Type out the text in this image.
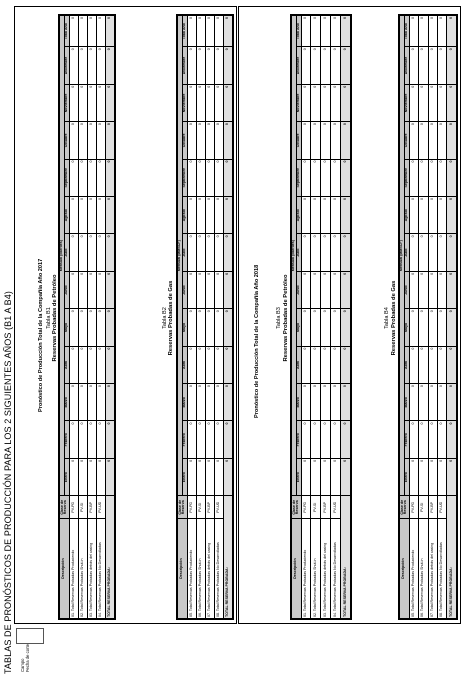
TABLAS DE PRONÓSTICOS DE PRODUCCIÓN PARA LOS 2 SIGUIENTES AÑOS (B1 A B4) Campo Fecha de corte
Pronóstico de Producción Total de la Compañía Año 2017	Pronóstico de Producción Total de la Compañía Año 2018
Tabla B1 Reservas Probadas de Petróleo
Descripción	Clase de Reserva	Mensual (Barriles)												
		Enero	Febrero	Marzo	Abril	Mayo	Junio	Julio	Agosto	Septiembre	Octubre	Noviembre	Diciembre	Total Año
01. Total Reservas Probadas Produciendo	PV-PD	0	0	0	0	0	0	0	0	0	0	0	0	0
02. Total Reservas Probadas Shut-in	PV-SI	0	0	0	0	0	0	0	0	0	0	0	0	0
03. Total Reservas Probadas detrás del casing	PV-BP	0	0	0	0	0	0	0	0	0	0	0	0	0
04. Total Reservas Probadas No Desarrolladas	PV-UD	0	0	0	0	0	0	0	0	0	0	0	0	0
TOTAL RESERVA PROBADA:		0	0	0	0	0	0	0	0	0	0	0	0	0
Tabla B2 Reservas Probadas de Gas
Descripción	Clase de Reserva	Mensual (MMSCF)												
		Enero	Febrero	Marzo	Abril	Mayo	Junio	Julio	Agosto	Septiembre	Octubre	Noviembre	Diciembre	Total Año
05. Total Reservas Probadas Produciendo	PV-PD	0	0	0	0	0	0	0	0	0	0	0	0	0
06. Total Reservas Probadas Shut-in	PV-SI	0	0	0	0	0	0	0	0	0	0	0	0	0
07. Total Reservas Probadas detrás del casing	PV-BP	0	0	0	0	0	0	0	0	0	0	0	0	0
08. Total Reservas Probadas No Desarrolladas	PV-UD	0	0	0	0	0	0	0	0	0	0	0	0	0
TOTAL RESERVA PROBADA:		0	0	0	0	0	0	0	0	0	0	0	0	0
Tabla B3 Reservas Probadas de Petróleo
Descripción	Clase de Reserva	Mensual (Barriles)												
		Enero	Febrero	Marzo	Abril	Mayo	Junio	Julio	Agosto	Septiembre	Octubre	Noviembre	Diciembre	Total Año
01. Total Reservas Probadas Produciendo	PV-PD	0	0	0	0	0	0	0	0	0	0	0	0	0
02. Total Reservas Probadas Shut-in	PV-SI	0	0	0	0	0	0	0	0	0	0	0	0	0
03. Total Reservas Probadas detrás del casing	PV-BP	0	0	0	0	0	0	0	0	0	0	0	0	0
04. Total Reservas Probadas No Desarrolladas	PV-UD	0	0	0	0	0	0	0	0	0	0	0	0	0
TOTAL RESERVA PROBADA:		0	0	0	0	0	0	0	0	0	0	0	0	0
Tabla B4 Reservas Probadas de Gas
Descripción	Clase de Reserva	Mensual (MMSCF)												
		Enero	Febrero	Marzo	Abril	Mayo	Junio	Julio	Agosto	Septiembre	Octubre	Noviembre	Diciembre	Total Año
05. Total Reservas Probadas Produciendo	PV-PD	0	0	0	0	0	0	0	0	0	0	0	0	0
06. Total Reservas Probadas Shut-in	PV-SI	0	0	0	0	0	0	0	0	0	0	0	0	0
07. Total Reservas Probadas detrás del casing	PV-BP	0	0	0	0	0	0	0	0	0	0	0	0	0
08. Total Reservas Probadas No Desarrolladas	PV-UD	0	0	0	0	0	0	0	0	0	0	0	0	0
TOTAL RESERVA PROBADA:		0	0	0	0	0	0	0	0	0	0	0	0	0
